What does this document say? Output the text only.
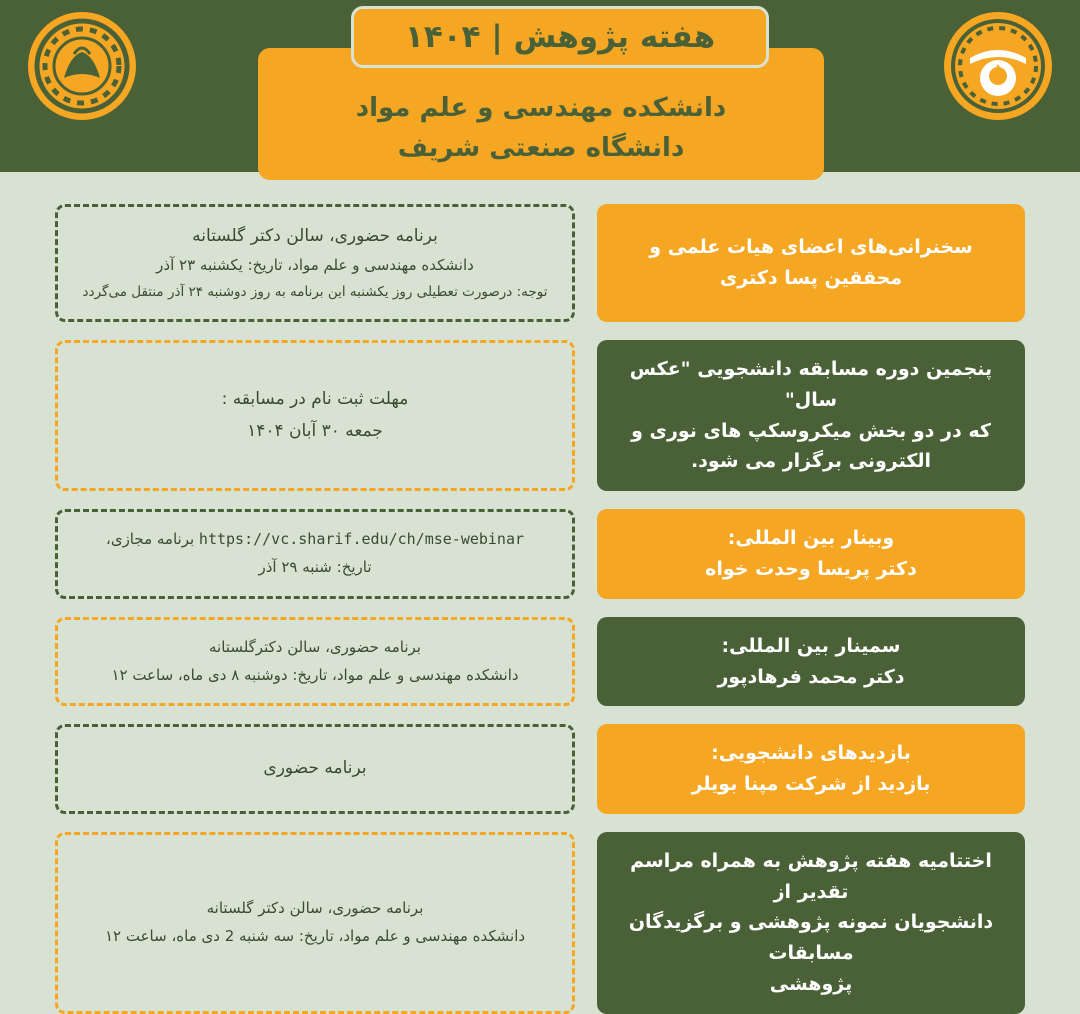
دانشکده مهندسی و علم مواد
دانشگاه صنعتی شریف
هفته پژوهش | ۱۴۰۴
سخنرانی‌های اعضای هیات علمی و
محققین پسا دکتری
برنامه حضوری، سالن دکتر گلستانه
دانشکده مهندسی و علم مواد، تاریخ: یکشنبه ۲۳ آذر
توجه: درصورت تعطیلی روز یکشنبه این برنامه به روز دوشنبه ۲۴ آذر منتقل می‌گردد
پنجمین دوره مسابقه دانشجویی "عکس سال"
که در دو بخش میکروسکپ های نوری و
الکترونی برگزار می شود.
مهلت ثبت نام در مسابقه :
جمعه ۳۰ آبان ۱۴۰۴
وبینار بین المللی:
دکتر پریسا وحدت خواه
https://vc.sharif.edu/ch/mse-webinar برنامه مجازی،
تاریخ: شنبه ۲۹ آذر
سمینار بین المللی:
دکتر محمد فرهادپور
برنامه حضوری، سالن دکترگلستانه
دانشکده مهندسی و علم مواد، تاریخ: دوشنبه ۸ دی ماه، ساعت ۱۲
بازدیدهای دانشجویی:
بازدید از شرکت مپنا بویلر
برنامه حضوری
اختتامیه هفته پژوهش به همراه مراسم تقدیر از
دانشجویان نمونه پژوهشی و برگزیدگان مسابقات
پژوهشی
برنامه حضوری، سالن دکتر گلستانه
دانشکده مهندسی و علم مواد، تاریخ: سه شنبه 2 دی ماه، ساعت ۱۲
